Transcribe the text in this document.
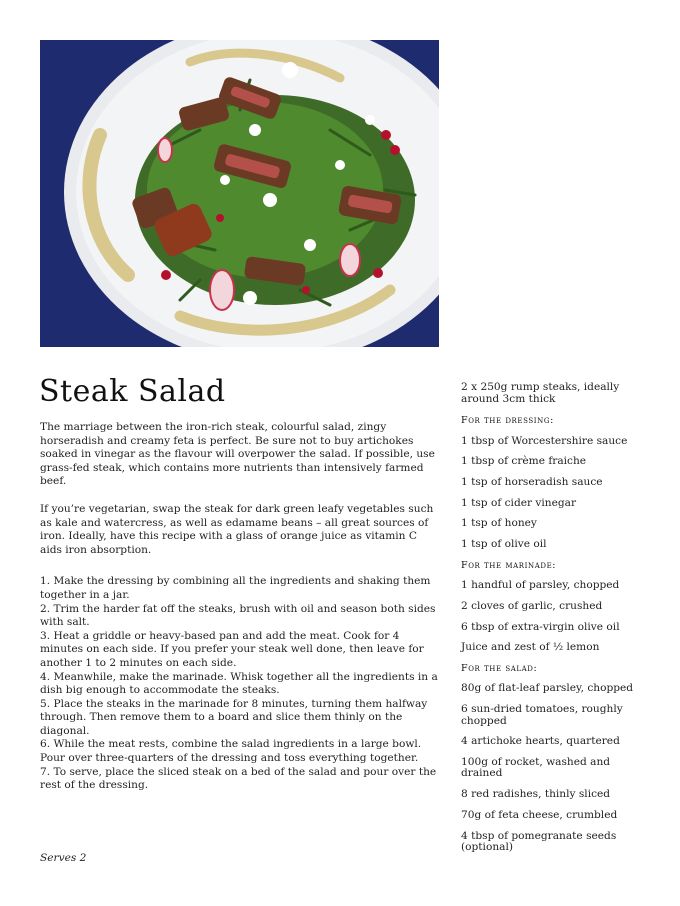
Steak Salad

The marriage between the iron-rich steak, colourful salad, zingy horseradish and creamy feta is perfect. Be sure not to buy artichokes soaked in vinegar as the flavour will overpower the salad. If possible, use grass-fed steak, which contains more nutrients than intensively farmed beef.

If you’re vegetarian, swap the steak for dark green leafy vegetables such as kale and watercress, as well as edamame beans – all great sources of iron. Ideally, have this recipe with a glass of orange juice as vitamin C aids iron absorption.

1. Make the dressing by combining all the ingredients and shaking them together in a jar.

2. Trim the harder fat off the steaks, brush with oil and season both sides with salt.

3. Heat a griddle or heavy-based pan and add the meat. Cook for 4 minutes on each side. If you prefer your steak well done, then leave for another 1 to 2 minutes on each side.

4. Meanwhile, make the marinade. Whisk together all the ingredients in a dish big enough to accommodate the steaks.

5. Place the steaks in the marinade for 8 minutes, turning them halfway through. Then remove them to a board and slice them thinly on the diagonal.

6. While the meat rests, combine the salad ingredients in a large bowl. Pour over three-quarters of the dressing and toss everything together.

7. To serve, place the sliced steak on a bed of the salad and pour over the rest of the dressing.

Serves 2

2 x 250g rump steaks, ideally around 3cm thick

For the dressing:

1 tbsp of Worcestershire sauce

1 tbsp of crème fraiche

1 tsp of horseradish sauce

1 tsp of cider vinegar

1 tsp of honey

1 tsp of olive oil

For the marinade:

1 handful of parsley, chopped

2 cloves of garlic, crushed

6 tbsp of extra-virgin olive oil

Juice and zest of ½ lemon

For the salad:

80g of flat-leaf parsley, chopped

6 sun-dried tomatoes, roughly chopped

4 artichoke hearts, quartered

100g of rocket, washed and drained

8 red radishes, thinly sliced

70g of feta cheese, crumbled

4 tbsp of pomegranate seeds (optional)
